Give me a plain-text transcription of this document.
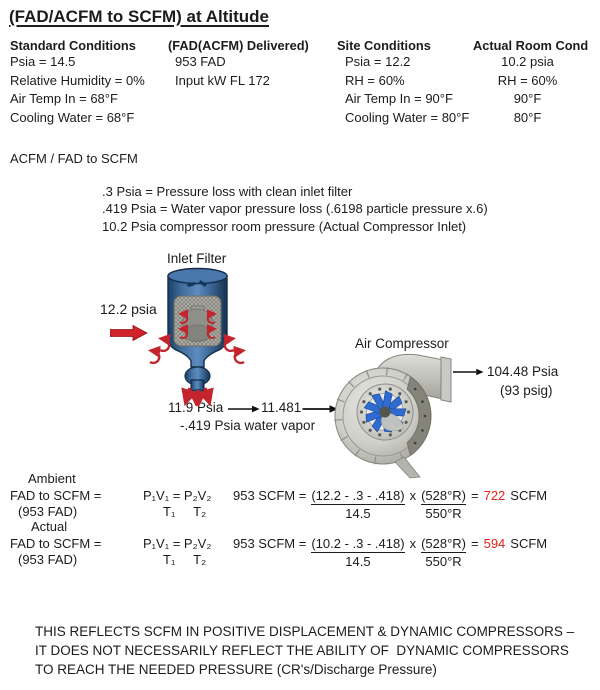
(FAD/ACFM to SCFM) at Altitude
Standard Conditions
Psia = 14.5
Relative Humidity = 0%
Air Temp In = 68°F
Cooling Water = 68°F
(FAD(ACFM) Delivered)
953 FAD
Input kW FL 172
Site Conditions
Psia = 12.2
RH = 60%
Air Temp In = 90°F
Cooling Water = 80°F
Actual Room Cond
10.2 psia
RH = 60%
90°F
80°F
ACFM / FAD to SCFM
.3 Psia = Pressure loss with clean inlet filter
.419 Psia = Water vapor pressure loss (.6198 particle pressure x.6)
10.2 Psia compressor room pressure (Actual Compressor Inlet)
Inlet Filter
12.2 psia
Air Compressor
11.9 Psia	11.481
-.419 Psia water vapor
104.48 Psia
(93 psig)
Ambient
FAD to SCFM =
(953 FAD)
P₁V₁ = P₂V₂
T₁     T₂
953 SCFM = $\frac{(12.2 - .3 - .418)}{14.5}$ x $\frac{(528^\circ R)}{550^\circ R} = 722$ SCFM
Actual
FAD to SCFM =
(953 FAD)
P₁V₁ = P₂V₂
T₁     T₂
953 SCFM = $\frac{(10.2 - .3 - .418)}{14.5}$ x $\frac{(528^\circ R)}{550^\circ R} = 594$ SCFM
THIS REFLECTS SCFM IN POSITIVE DISPLACEMENT & DYNAMIC COMPRESSORS –
IT DOES NOT NECESSARILY REFLECT THE ABILITY OF  DYNAMIC COMPRESSORS
TO REACH THE NEEDED PRESSURE (CR's/Discharge Pressure)
